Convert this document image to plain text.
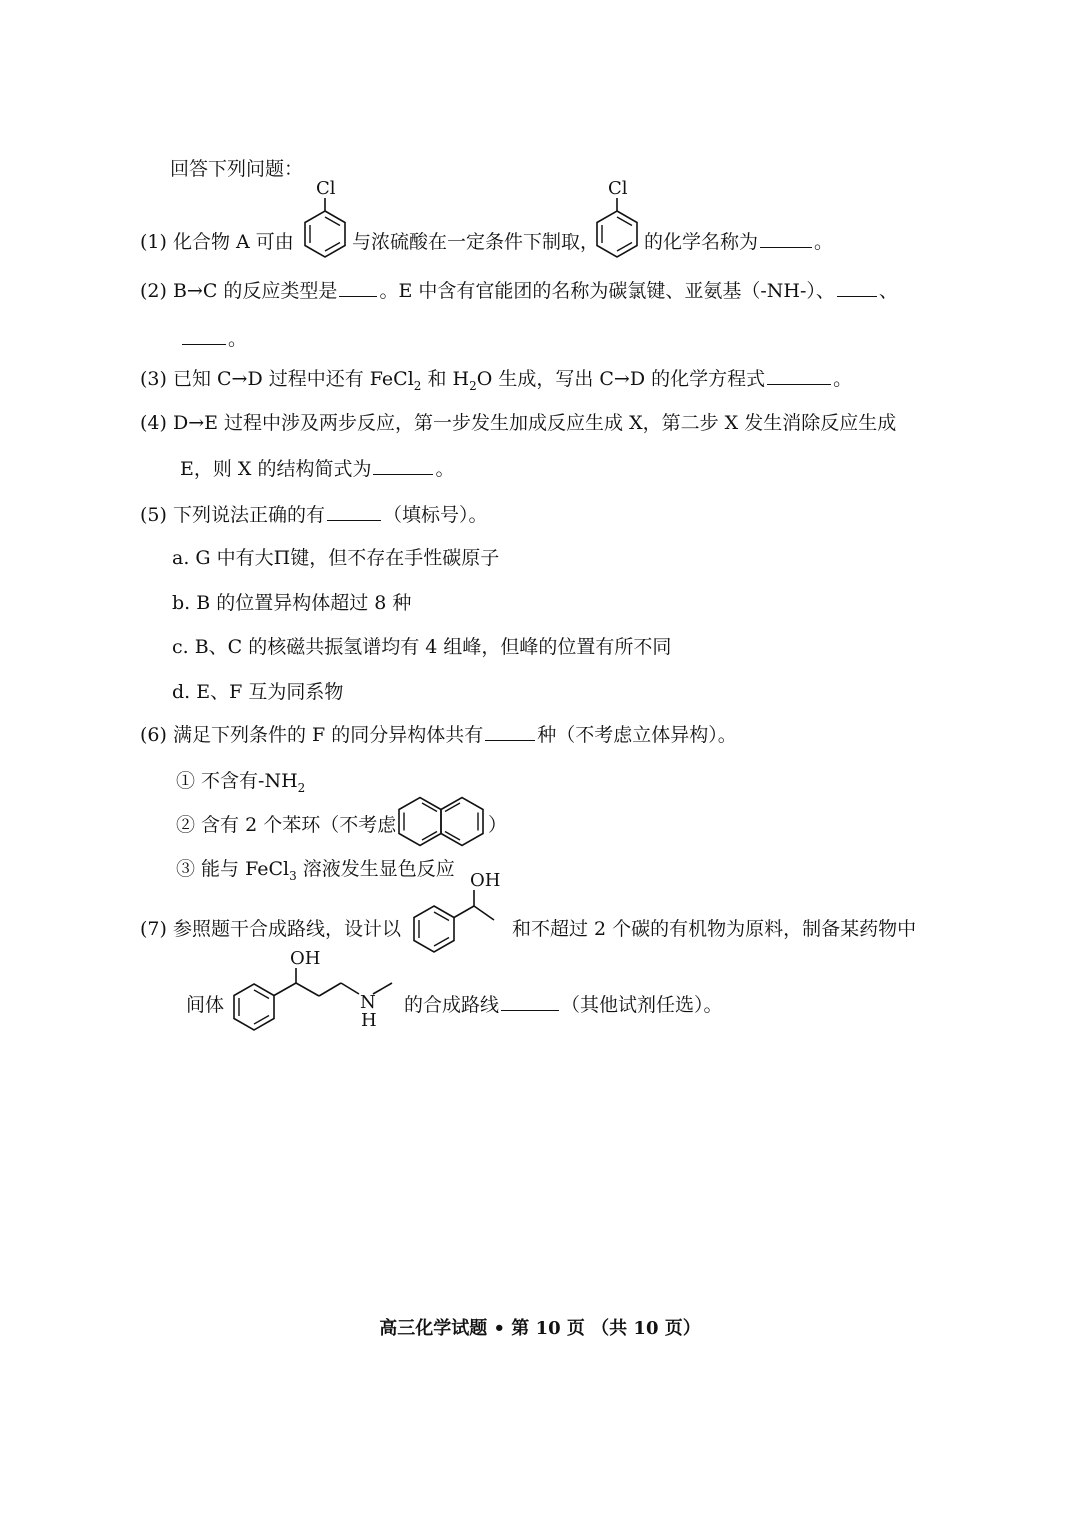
回答下列问题：
(1) 化合物 A 可由
Cl
与浓硫酸在一定条件下制取，
Cl
的化学名称为	。
(2) B→C 的反应类型是 。E 中含有官能团的名称为碳氯键、亚氨基（-NH-）、 、
。
(3) 已知 C→D 过程中还有 FeCl$_2$ 和 $H_2O$ 生成，写出 C→D 的化学方程式	。
(4) D→E 过程中涉及两步反应，第一步发生加成反应生成 X，第二步 X 发生消除反应生成
E，则 X 的结构简式为	。
(5) 下列说法正确的有	（填标号）。
a. G 中有大Π键，但不存在手性碳原子
b. B 的位置异构体超过 8 种
c. B、C 的核磁共振氢谱均有 4 组峰，但峰的位置有所不同
d. E、F 互为同系物
(6) 满足下列条件的 F 的同分异构体共有	种（不考虑立体异构）。
① 不含有$-NH_2$
② 含有 2 个苯环（不考虑	）
③ 能与 FeCl$_3$ 溶液发生显色反应
(7) 参照题干合成路线，设计以
OH
和不超过 2 个碳的有机物为原料，制备某药物中
间体
OH
N
H
的合成路线	（其他试剂任选）。
高三化学试题 • 第 10 页 （共 10 页）
